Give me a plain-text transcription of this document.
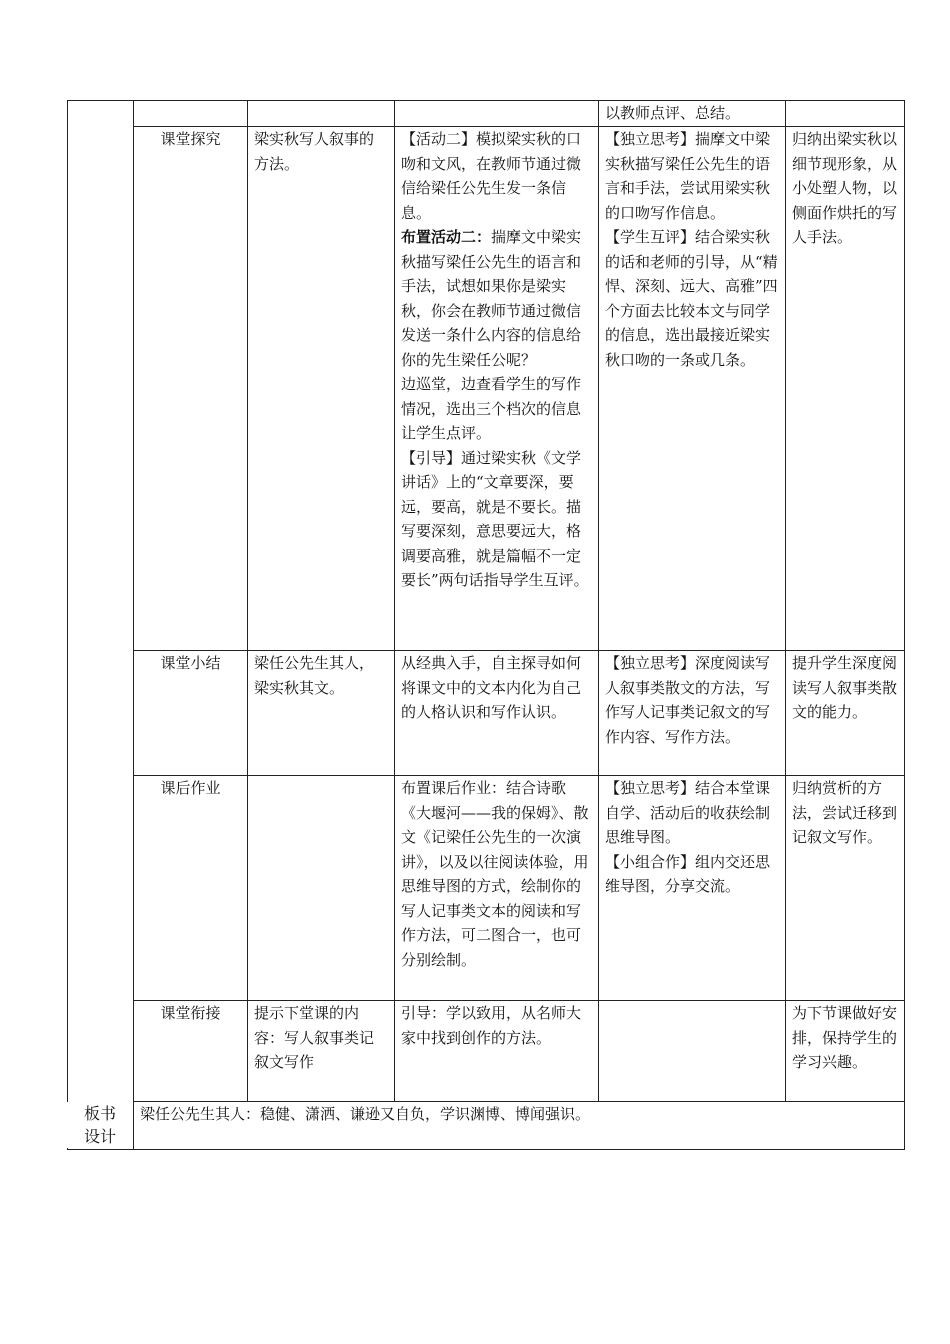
				以教师点评、总结。	

	课堂探究	梁实秋写人叙事的方法。	【活动二】模拟梁实秋的口吻和文风，在教师节通过微信给梁任公先生发一条信息。
布置活动二：揣摩文中梁实秋描写梁任公先生的语言和手法，试想如果你是梁实秋，你会在教师节通过微信发送一条什么内容的信息给你的先生梁任公呢？
边巡堂，边查看学生的写作情况，选出三个档次的信息让学生点评。
【引导】通过梁实秋《文学讲话》上的“文章要深，要远，要高，就是不要长。描写要深刻，意思要远大，格调要高雅，就是篇幅不一定要长”两句话指导学生互评。	【独立思考】揣摩文中梁实秋描写梁任公先生的语言和手法，尝试用梁实秋的口吻写作信息。
【学生互评】结合梁实秋的话和老师的引导，从“精悍、深刻、远大、高雅”四个方面去比较本文与同学的信息，选出最接近梁实秋口吻的一条或几条。	归纳出梁实秋以细节现形象，从小处塑人物，以侧面作烘托的写人手法。
	课堂小结	梁任公先生其人，梁实秋其文。	从经典入手，自主探寻如何将课文中的文本内化为自己的人格认识和写作认识。	【独立思考】深度阅读写人叙事类散文的方法，写作写人记事类记叙文的写作内容、写作方法。	提升学生深度阅读写人叙事类散文的能力。
	课后作业		布置课后作业：结合诗歌《大堰河——我的保姆》、散文《记梁任公先生的一次演讲》，以及以往阅读体验，用思维导图的方式，绘制你的写人记事类文本的阅读和写作方法，可二图合一，也可分别绘制。	【独立思考】结合本堂课自学、活动后的收获绘制思维导图。
【小组合作】组内交还思维导图，分享交流。	归纳赏析的方法，尝试迁移到记叙文写作。
	课堂衔接	提示下堂课的内容：写人叙事类记叙文写作	引导：学以致用，从名师大家中找到创作的方法。		为下节课做好安排，保持学生的学习兴趣。
	梁任公先生其人：稳健、潇洒、谦逊又自负，学识渊博、博闻强识。				
板书
设计
